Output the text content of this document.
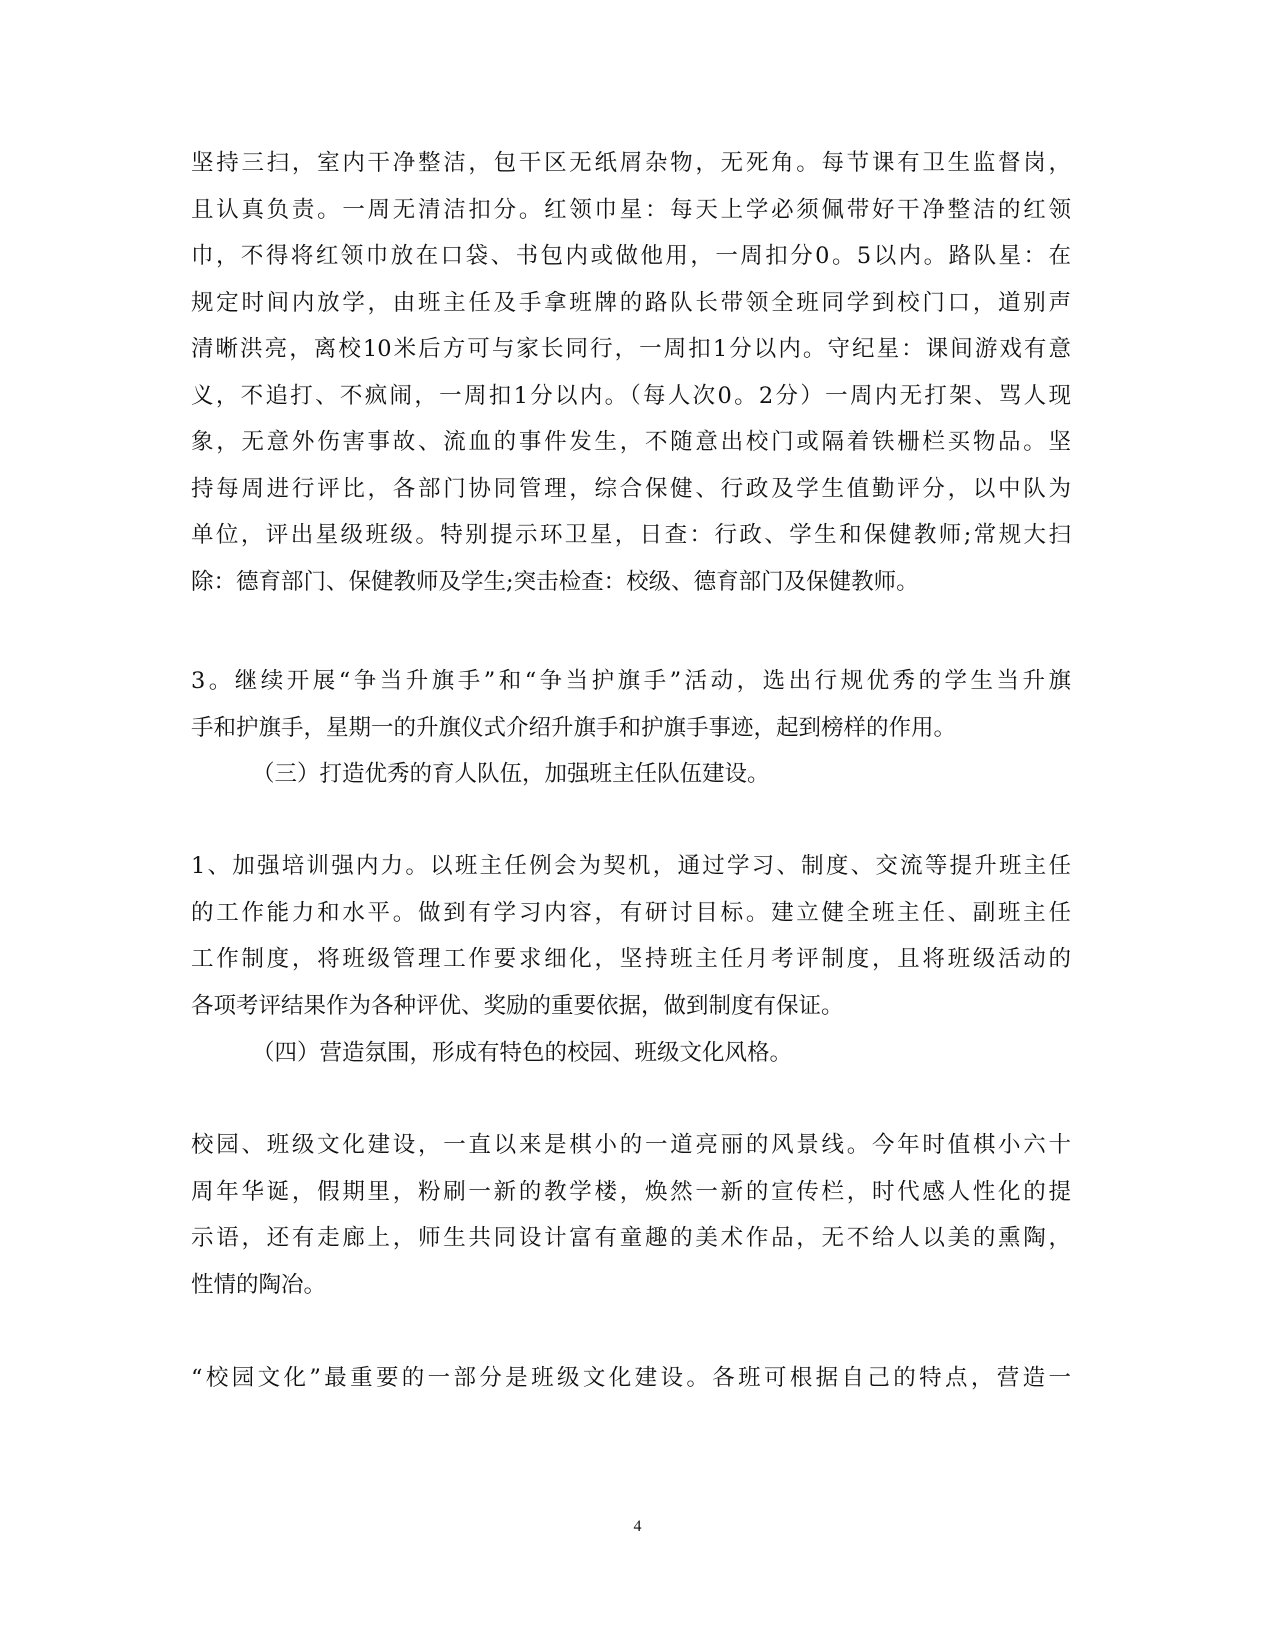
坚持三扫，室内干净整洁，包干区无纸屑杂物，无死角。每节课有卫生监督岗，
且认真负责。一周无清洁扣分。红领巾星：每天上学必须佩带好干净整洁的红领
巾，不得将红领巾放在口袋、书包内或做他用，一周扣分0。5以内。路队星：在
规定时间内放学，由班主任及手拿班牌的路队长带领全班同学到校门口，道别声
清晰洪亮，离校10米后方可与家长同行，一周扣1分以内。守纪星：课间游戏有意
义，不追打、不疯闹，一周扣1分以内。（每人次0。2分）一周内无打架、骂人现
象，无意外伤害事故、流血的事件发生，不随意出校门或隔着铁栅栏买物品。坚
持每周进行评比，各部门协同管理，综合保健、行政及学生值勤评分，以中队为
单位，评出星级班级。特别提示环卫星，日查：行政、学生和保健教师;常规大扫
除：德育部门、保健教师及学生;突击检查：校级、德育部门及保健教师。
3。继续开展“争当升旗手”和“争当护旗手”活动，选出行规优秀的学生当升旗
手和护旗手，星期一的升旗仪式介绍升旗手和护旗手事迹，起到榜样的作用。

（三）打造优秀的育人队伍，加强班主任队伍建设。

1、加强培训强内力。以班主任例会为契机，通过学习、制度、交流等提升班主任
的工作能力和水平。做到有学习内容，有研讨目标。建立健全班主任、副班主任
工作制度，将班级管理工作要求细化，坚持班主任月考评制度，且将班级活动的
各项考评结果作为各种评优、奖励的重要依据，做到制度有保证。

（四）营造氛围，形成有特色的校园、班级文化风格。

校园、班级文化建设，一直以来是棋小的一道亮丽的风景线。今年时值棋小六十
周年华诞，假期里，粉刷一新的教学楼，焕然一新的宣传栏，时代感人性化的提
示语，还有走廊上，师生共同设计富有童趣的美术作品，无不给人以美的熏陶，
性情的陶冶。
“校园文化”最重要的一部分是班级文化建设。各班可根据自己的特点，营造一
4
